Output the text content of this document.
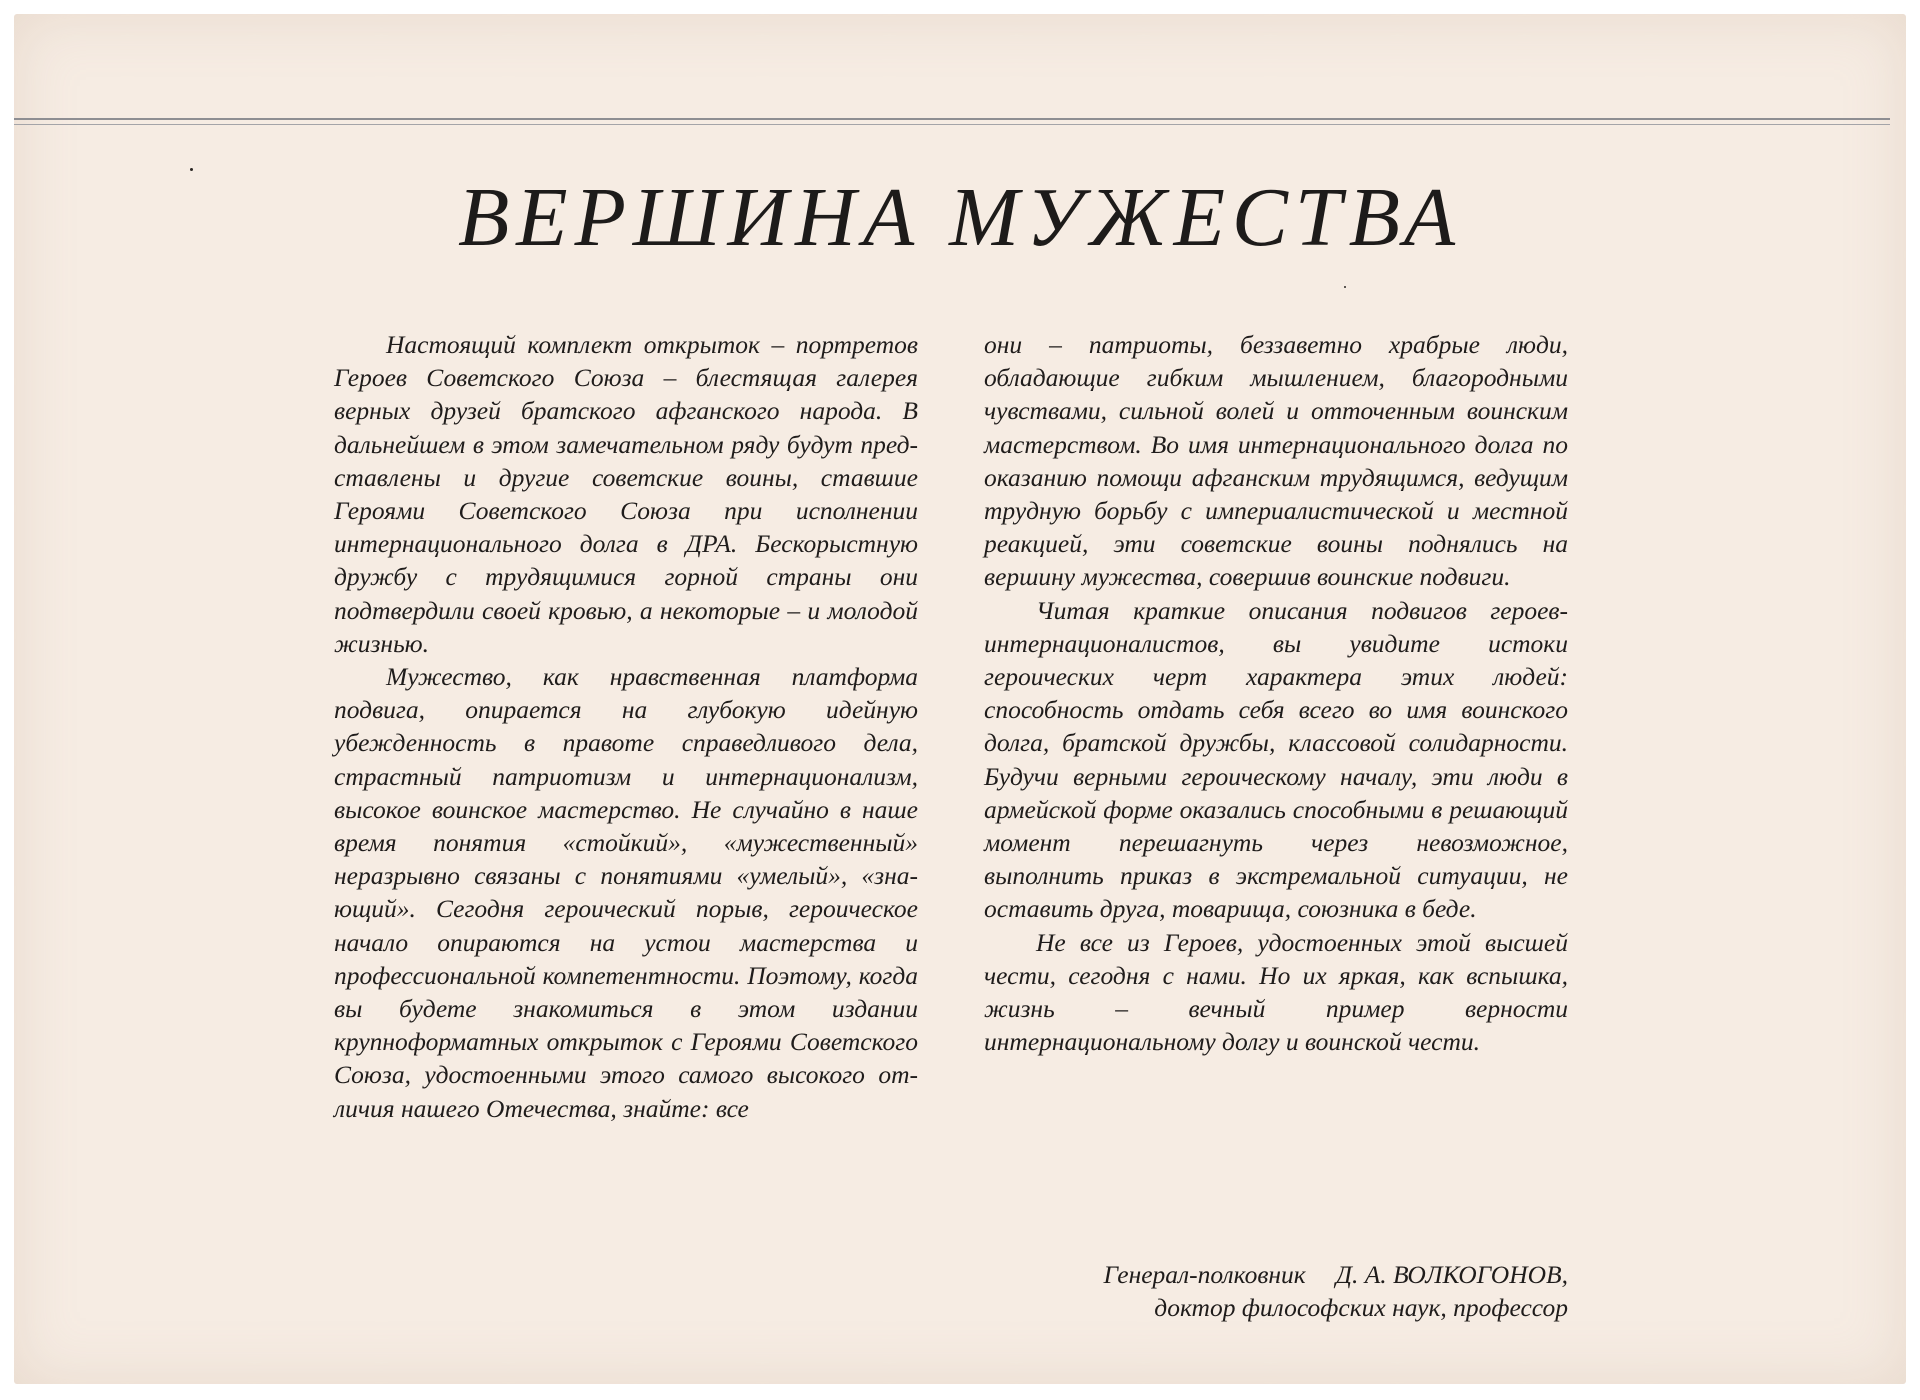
ВЕРШИНА МУЖЕСТВА

Настоящий комплект открыток – портретов Героев Советского Союза – блестящая галерея верных друзей братского афганского народа. В дальнейшем в этом замечательном ряду будут представлены и другие советские воины, ставшие Героями Советского Союза при исполнении интернационального долга в ДРА. Бескорыстную дружбу с трудящимися горной страны они подтвердили своей кровью, а некоторые – и молодой жизнью.

Мужество, как нравственная платформа подвига, опирается на глубокую идейную убежденность в правоте справедливого дела, страстный патриотизм и интернационализм, высокое воинское мастерство. Не случайно в наше время понятия «стойкий», «мужественный» неразрывно связаны с понятиями «умелый», «знающий». Сегодня героический порыв, героическое начало опираются на устои мастерства и профессиональной компетентности. Поэтому, когда вы будете знакомиться в этом издании крупноформатных открыток с Героями Советского Союза, удостоенными этого самого высокого отличия нашего Отечества, знайте: все

они – патриоты, беззаветно храбрые люди, обладающие гибким мышлением, благородными чувствами, сильной волей и отточенным воинским мастерством. Во имя интернационального долга по оказанию помощи афганским трудящимся, ведущим трудную борьбу с империалистической и местной реакцией, эти советские воины поднялись на вершину мужества, совершив воинские подвиги.

Читая краткие описания подвигов героев-интернационалистов, вы увидите истоки героических черт характера этих людей: способность отдать себя всего во имя воинского долга, братской дружбы, классовой солидарности. Будучи верными героическому началу, эти люди в армейской форме оказались способными в решающий момент перешагнуть через невозможное, выполнить приказ в экстремальной ситуации, не оставить друга, товарища, союзника в беде.

Не все из Героев, удостоенных этой высшей чести, сегодня с нами. Но их яркая, как вспышка, жизнь – вечный пример верности интернациональному долгу и воинской чести.

Генерал-полковник Д. А. ВОЛКОГОНОВ,
доктор философских наук, профессор
